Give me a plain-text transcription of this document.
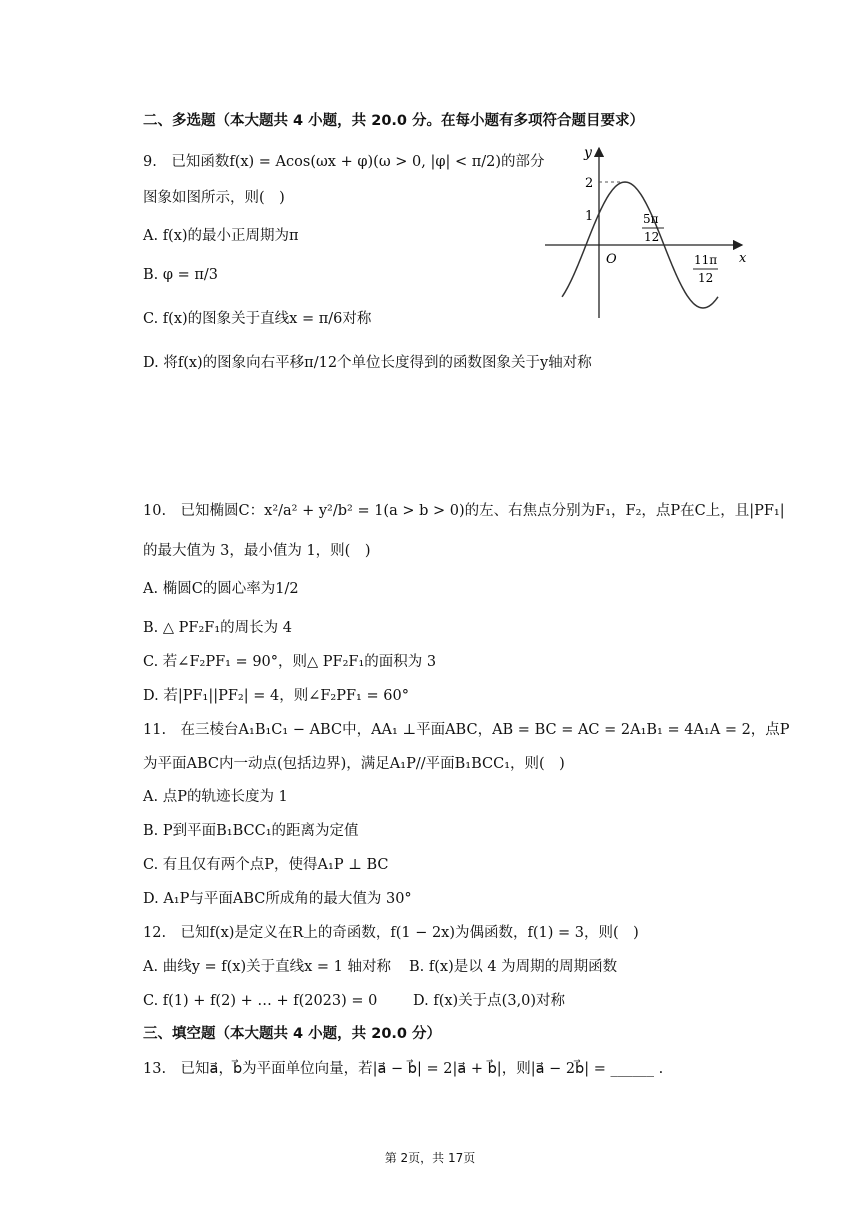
二、多选题（本大题共 4 小题，共 20.0 分。在每小题有多项符合题目要求）
9.　已知函数f(x) = Acos(ωx + φ)(ω > 0, |φ| < π/2)的部分
图象如图所示，则(　)
A. f(x)的最小正周期为π
B. φ = π/3
C. f(x)的图象关于直线x = π/6对称
D. 将f(x)的图象向右平移π/12个单位长度得到的函数图象关于y轴对称
y
x
O
2
1	5π
12
11π
12
10.　已知椭圆C：x²/a² + y²/b² = 1(a > b > 0)的左、右焦点分别为F₁，F₂，点P在C上，且|PF₁|
的最大值为 3，最小值为 1，则(　)
A. 椭圆C的圆心率为1/2
B. △ PF₂F₁的周长为 4
C. 若∠F₂PF₁ = 90°，则△ PF₂F₁的面积为 3
D. 若|PF₁||PF₂| = 4，则∠F₂PF₁ = 60°
11.　在三棱台A₁B₁C₁ − ABC中，AA₁ ⊥平面ABC，AB = BC = AC = 2A₁B₁ = 4A₁A = 2，点P
为平面ABC内一动点(包括边界)，满足A₁P//平面B₁BCC₁，则(　)
A. 点P的轨迹长度为 1
B. P到平面B₁BCC₁的距离为定值
C. 有且仅有两个点P，使得A₁P ⊥ BC
D. A₁P与平面ABC所成角的最大值为 30°
12.　已知f(x)是定义在R上的奇函数，f(1 − 2x)为偶函数，f(1) = 3，则(　)
A. 曲线y = f(x)关于直线x = 1 轴对称 B. f(x)是以 4 为周期的周期函数
C. f(1) + f(2) + … + f(2023) = 0 D. f(x)关于点(3,0)对称
三、填空题（本大题共 4 小题，共 20.0 分）
13.　已知a⃗，b⃗为平面单位向量，若|a⃗ − b⃗| = 2|a⃗ + b⃗|，则|a⃗ − 2b⃗| = ______ .
第 2页，共 17页
